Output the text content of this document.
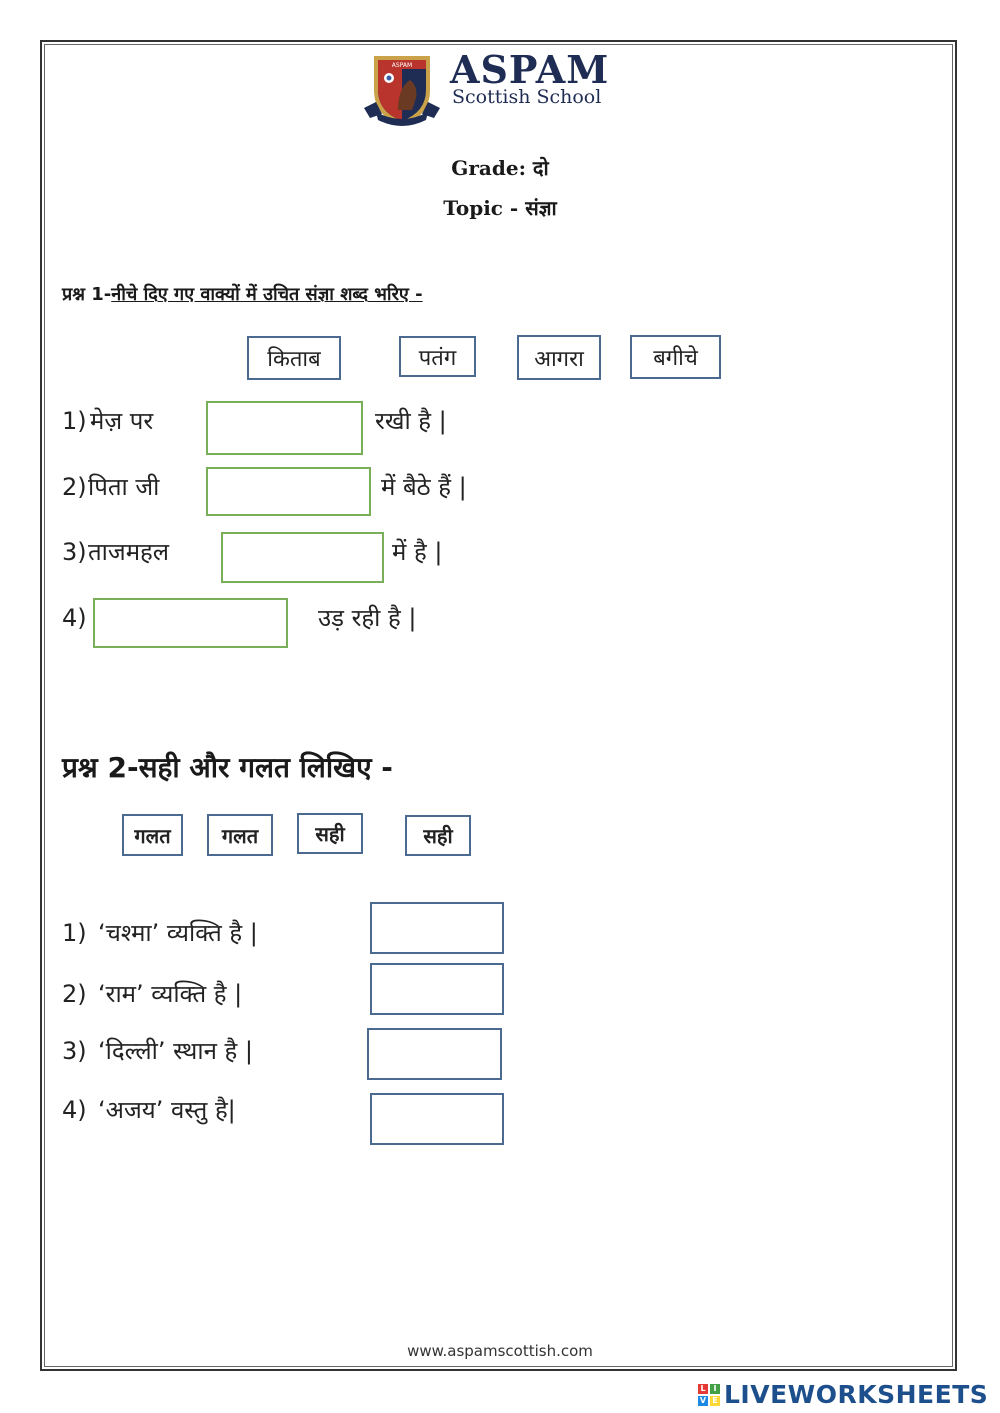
ASPAM ASPAM
Scottish School
Grade: दो
Topic - संज्ञा
प्रश्न 1-नीचे दिए गए वाक्यों में उचित संज्ञा शब्द भरिए -
किताब	पतंग	आगरा	बगीचे
1) मेज़ पर	रखी है |
2) पिता जी	में बैठे हैं |
3) ताजमहल	में है |
4)	उड़ रही है |
प्रश्न 2-सही और गलत लिखिए -
गलत	गलत	सही	सही
1) ‘चश्मा’ व्यक्ति है |
2) ‘राम’ व्यक्ति है |
3) ‘दिल्ली’ स्थान है |
4) ‘अजय’ वस्तु है|
www.aspamscottish.com
L I
V E LIVEWORKSHEETS
